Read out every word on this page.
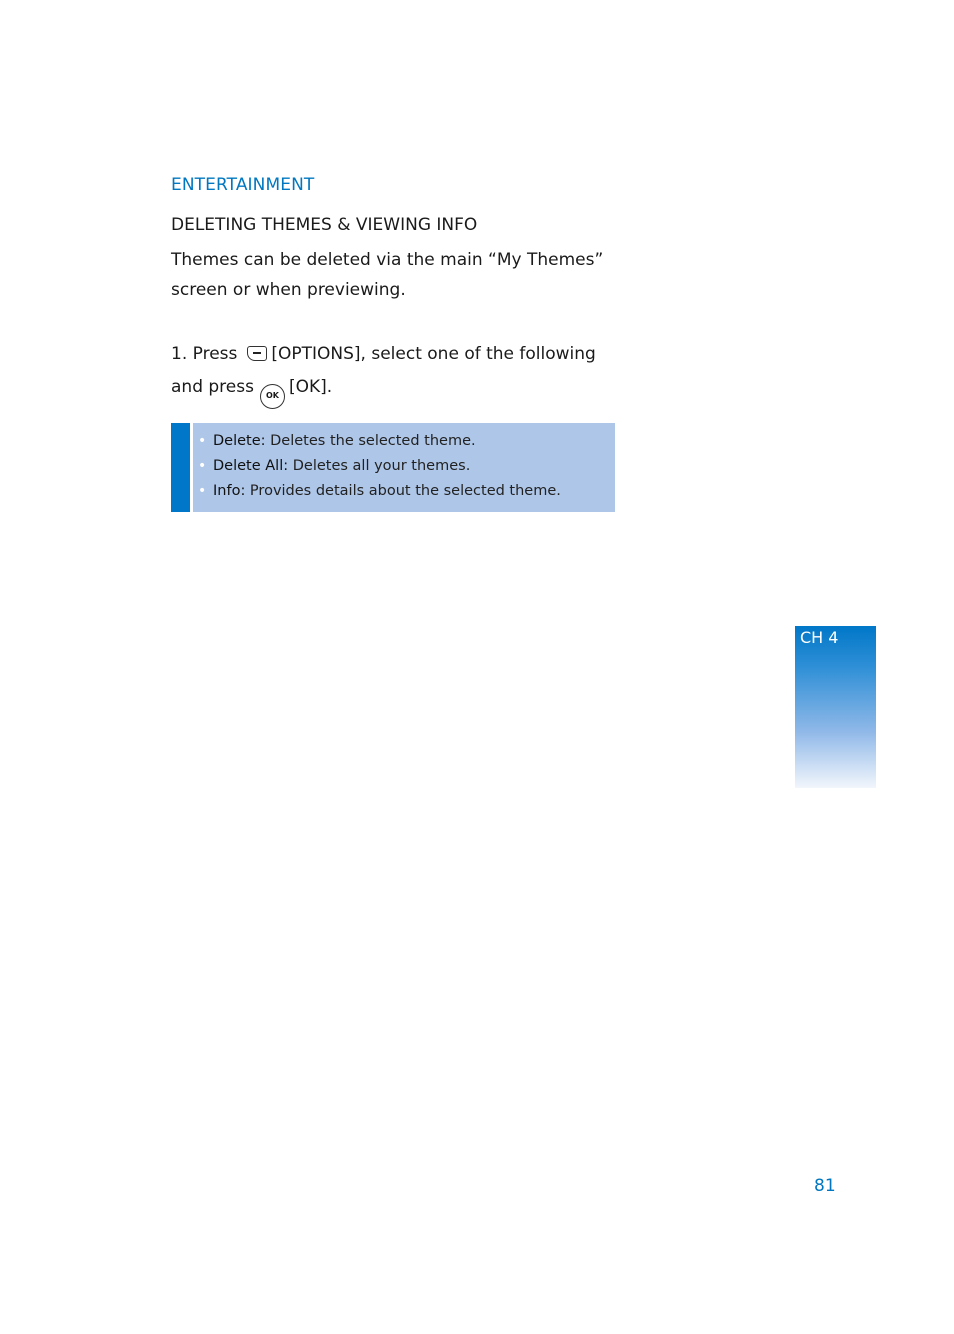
ENTERTAINMENT
DELETING THEMES & VIEWING INFO
Themes can be deleted via the main “My Themes” screen or when previewing.
1. Press [OPTIONS], select one of the following and press OK [OK].
• Delete: Deletes the selected theme.
• Delete All: Deletes all your themes.
• Info: Provides details about the selected theme.
CH 4
81
